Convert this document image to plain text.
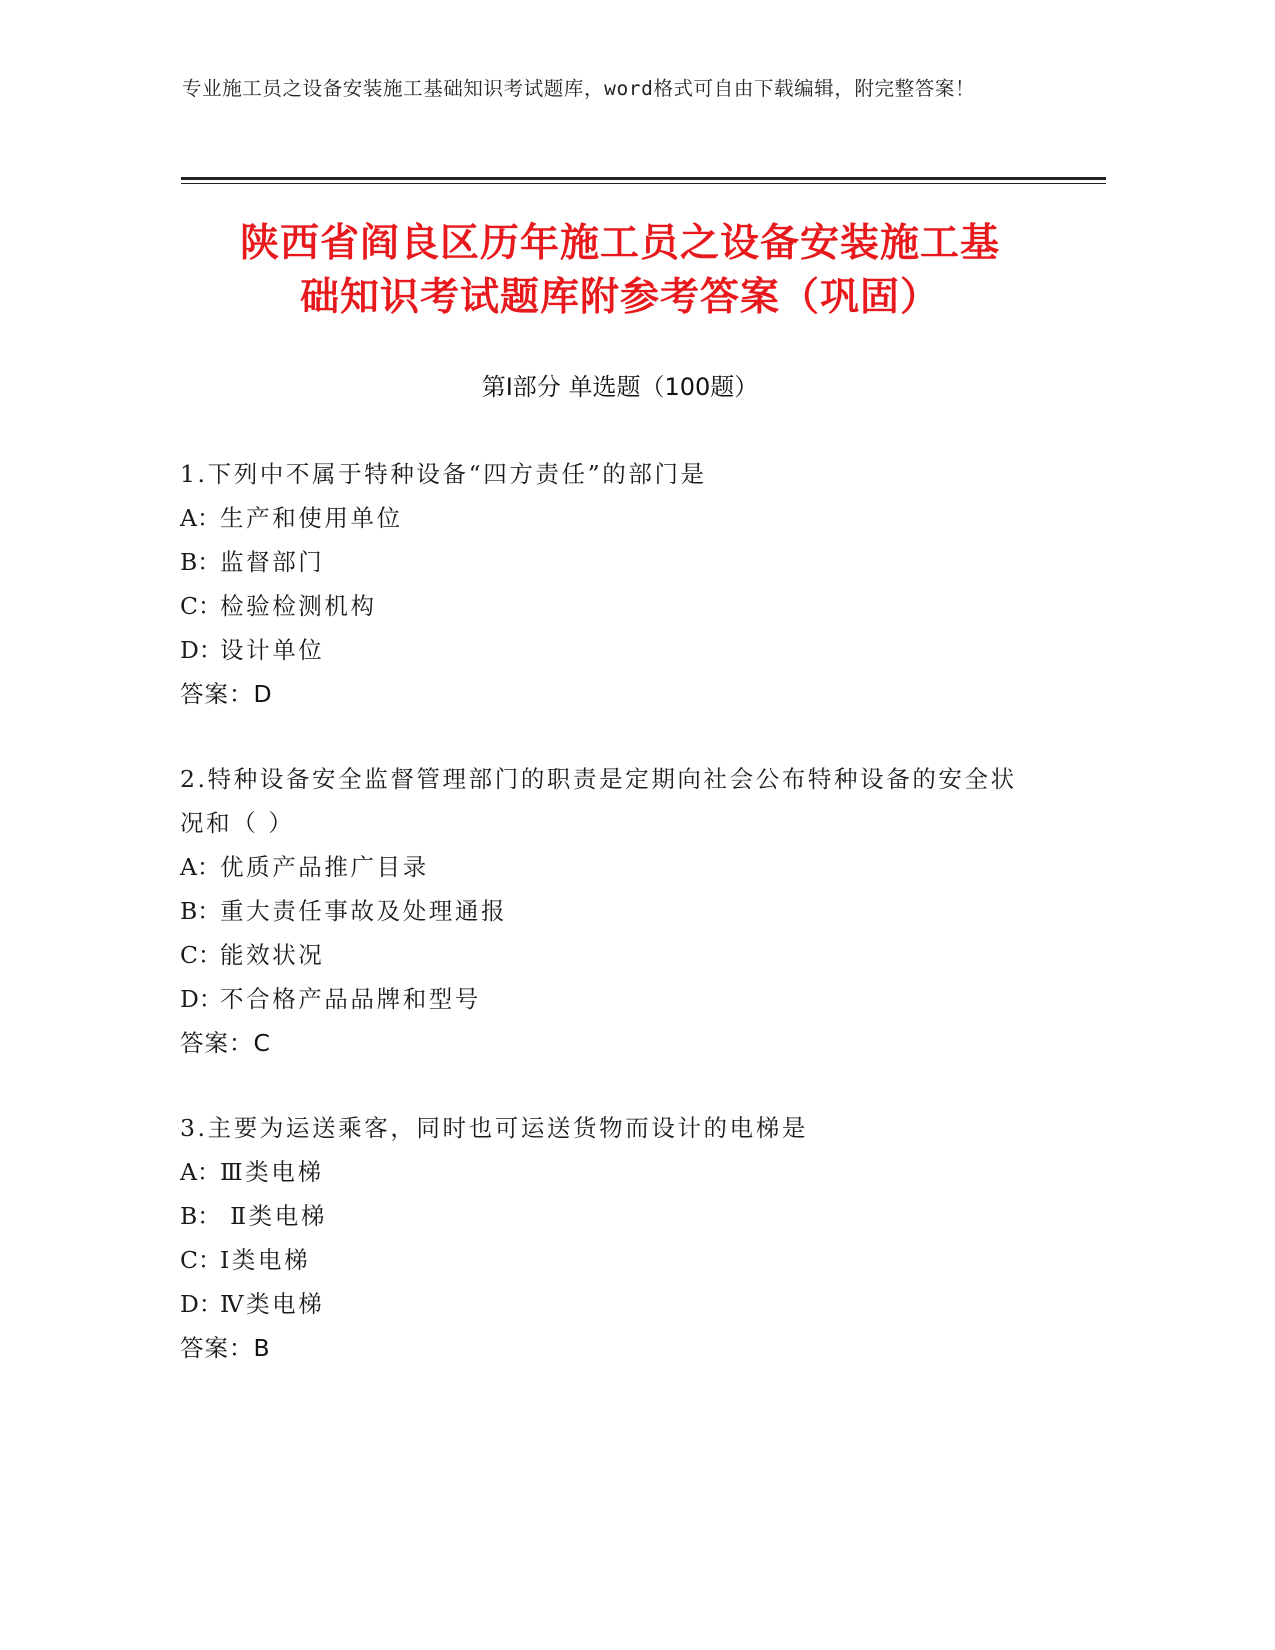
专业施工员之设备安装施工基础知识考试题库，word格式可自由下载编辑，附完整答案！
陕西省阎良区历年施工员之设备安装施工基
础知识考试题库附参考答案（巩固）
第I部分 单选题（100题）
1.下列中不属于特种设备“四方责任”的部门是
A：生产和使用单位
B：监督部门
C：检验检测机构
D：设计单位
答案：D
2.特种设备安全监督管理部门的职责是定期向社会公布特种设备的安全状况和（ ）
A：优质产品推广目录
B：重大责任事故及处理通报
C：能效状况
D：不合格产品品牌和型号
答案：C
3.主要为运送乘客，同时也可运送货物而设计的电梯是
A：Ⅲ类电梯
B： Ⅱ类电梯
C：Ⅰ类电梯
D：Ⅳ类电梯
答案：B
